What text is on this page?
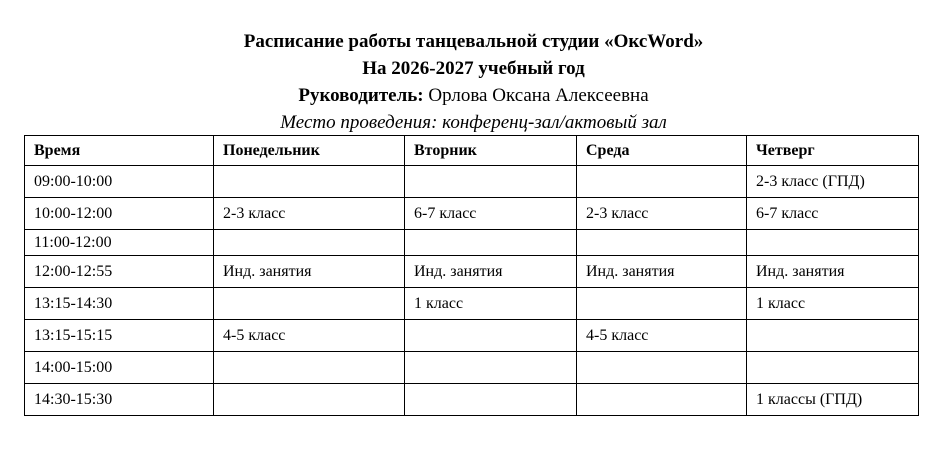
Расписание работы танцевальной студии «ОксWord»
На 2026-2027 учебный год
Руководитель: Орлова Оксана Алексеевна
Место проведения: конференц-зал/актовый зал
Время	Понедельник	Вторник	Среда	Четверг
09:00-10:00				2-3 класс (ГПД)
10:00-12:00	2-3 класс	6-7 класс	2-3 класс	6-7 класс
11:00-12:00				
12:00-12:55	Инд. занятия	Инд. занятия	Инд. занятия	Инд. занятия
13:15-14:30		1 класс		1 класс
13:15-15:15	4-5 класс		4-5 класс	
14:00-15:00				
14:30-15:30				1 классы (ГПД)
